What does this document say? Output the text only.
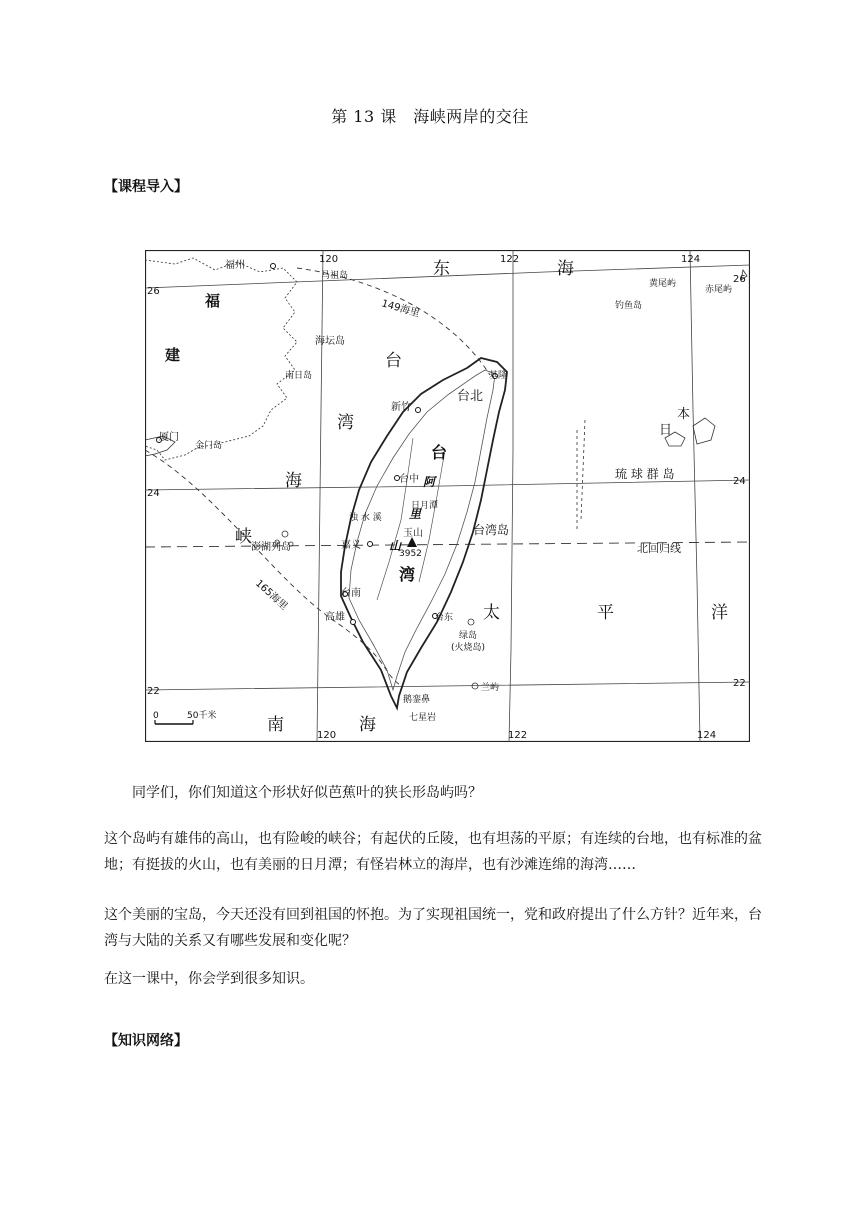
第 13 课　海峡两岸的交往
【课程导入】
120	122	124
120	122	124
26
26
24
24
22
22
东	海
福
建	台
湾
海
峡
台
湾
阿
里
山
太	平	洋
南	海
本
日
琉 球 群 岛
北回归线
149海里
165海里
福州
马祖岛
海坛岛
南日岛
厦门
金门岛
澎湖列岛
基隆
台北
新竹
台中
日月潭
嘉义
玉山
3952
台南
高雄	台东
绿岛
(火烧岛)
兰屿
鹅銮鼻
七星岩
台湾岛
浊 水 溪
黄尾屿
赤尾屿
钓鱼岛
0	50千米
同学们，你们知道这个形状好似芭蕉叶的狭长形岛屿吗？
这个岛屿有雄伟的高山，也有险峻的峡谷；有起伏的丘陵，也有坦荡的平原；有连续的台地，也有标准的盆地；有挺拔的火山，也有美丽的日月潭；有怪岩林立的海岸，也有沙滩连绵的海湾……
这个美丽的宝岛，今天还没有回到祖国的怀抱。为了实现祖国统一，党和政府提出了什么方针？近年来，台湾与大陆的关系又有哪些发展和变化呢？
在这一课中，你会学到很多知识。
【知识网络】
